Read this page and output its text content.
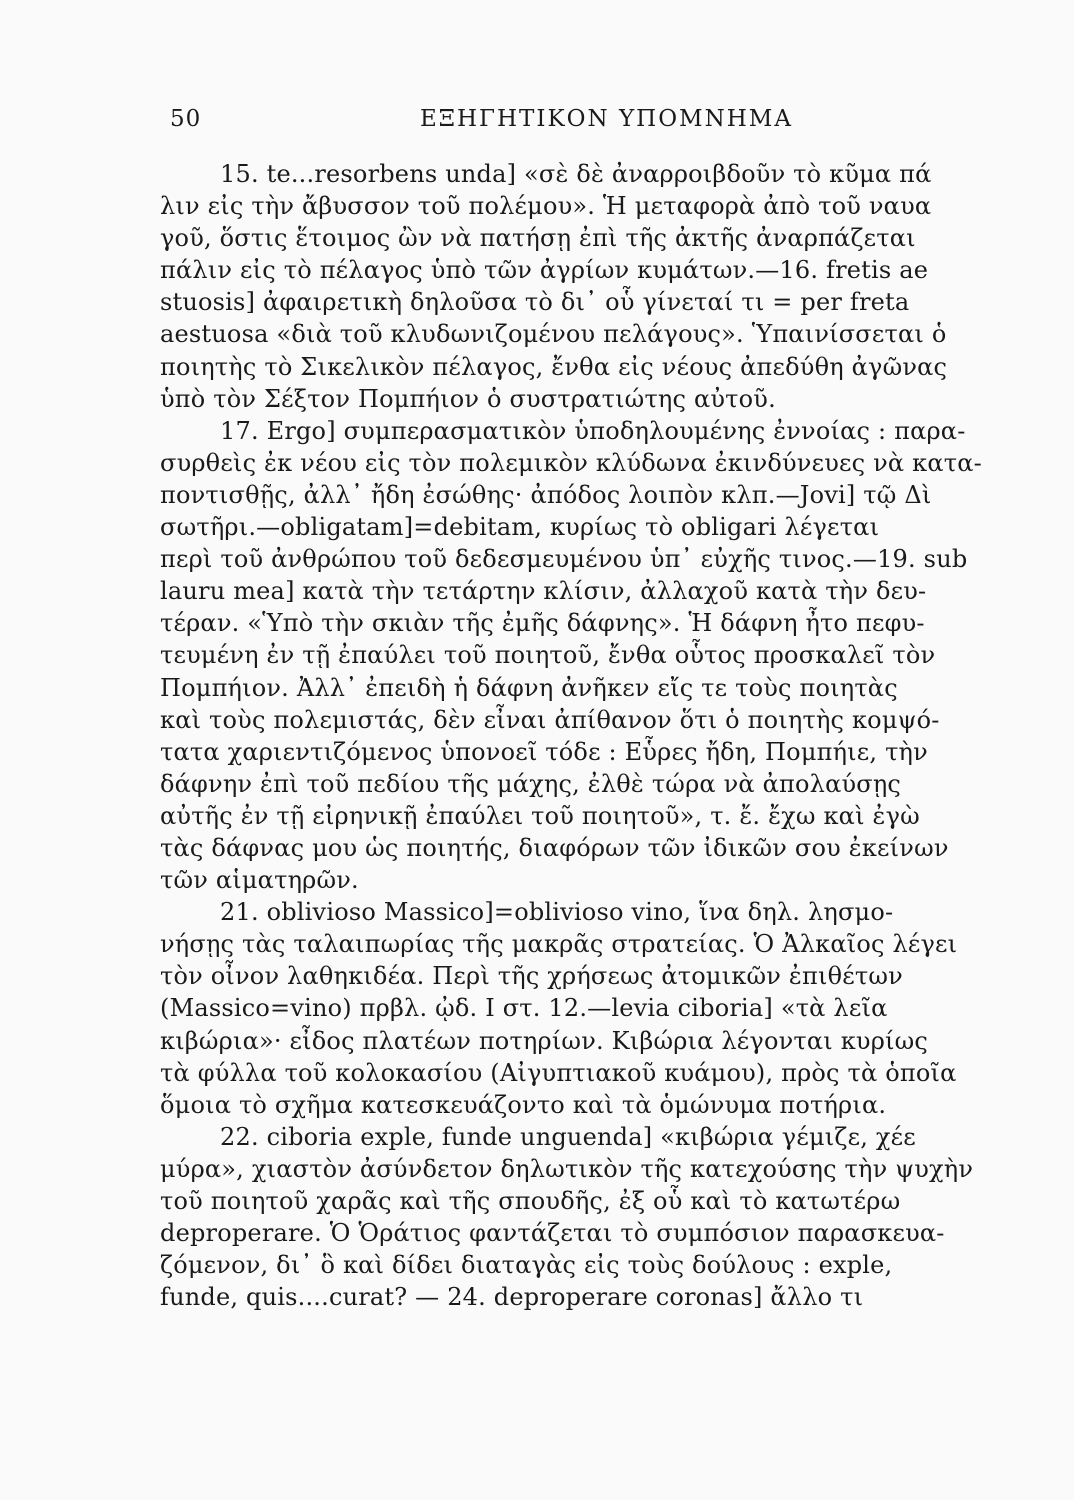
50	ΕΞΗΓΗΤΙΚΟΝ ΥΠΟΜΝΗΜΑ
15. te...resorbens unda] «σὲ δὲ ἀναρροιβδοῦν τὸ κῦμα πά
λιν εἰς τὴν ἄβυσσον τοῦ πολέμου». Ἡ μεταφορὰ ἀπὸ τοῦ ναυα
γοῦ, ὅστις ἕτοιμος ὢν νὰ πατήσῃ ἐπὶ τῆς ἀκτῆς ἀναρπάζεται
πάλιν εἰς τὸ πέλαγος ὑπὸ τῶν ἀγρίων κυμάτων.—16. fretis ae
stuosis] ἀφαιρετικὴ δηλοῦσα τὸ δι᾿ οὗ γίνεταί τι = per freta
aestuosa «διὰ τοῦ κλυδωνιζομένου πελάγους». Ὑπαινίσσεται ὁ
ποιητὴς τὸ Σικελικὸν πέλαγος, ἔνθα εἰς νέους ἀπεδύθη ἀγῶνας
ὑπὸ τὸν Σέξτον Πομπήιον ὁ συστρατιώτης αὐτοῦ.
17. Ergo] συμπερασματικὸν ὑποδηλουμένης ἐννοίας : παρα-
συρθεὶς ἐκ νέου εἰς τὸν πολεμικὸν κλύδωνα ἐκινδύνευες νὰ κατα-
ποντισθῇς, ἀλλ᾿ ἤδη ἐσώθης· ἀπόδος λοιπὸν κλπ.—Jovi] τῷ Δὶ
σωτῆρι.—obligatam]=debitam, κυρίως τὸ obligari λέγεται
περὶ τοῦ ἀνθρώπου τοῦ δεδεσμευμένου ὑπ᾿ εὐχῆς τινος.—19. sub
lauru mea] κατὰ τὴν τετάρτην κλίσιν, ἀλλαχοῦ κατὰ τὴν δευ-
τέραν. «Ὑπὸ τὴν σκιὰν τῆς ἐμῆς δάφνης». Ἡ δάφνη ἦτο πεφυ-
τευμένη ἐν τῇ ἐπαύλει τοῦ ποιητοῦ, ἔνθα οὗτος προσκαλεῖ τὸν
Πομπήιον. Ἀλλ᾿ ἐπειδὴ ἡ δάφνη ἀνῆκεν εἴς τε τοὺς ποιητὰς
καὶ τοὺς πολεμιστάς, δὲν εἶναι ἀπίθανον ὅτι ὁ ποιητὴς κομψό-
τατα χαριεντιζόμενος ὑπονοεῖ τόδε : Εὗρες ἤδη, Πομπήιε, τὴν
δάφνην ἐπὶ τοῦ πεδίου τῆς μάχης, ἐλθὲ τώρα νὰ ἀπολαύσῃς
αὐτῆς ἐν τῇ εἰρηνικῇ ἐπαύλει τοῦ ποιητοῦ», τ. ἔ. ἔχω καὶ ἐγὼ
τὰς δάφνας μου ὡς ποιητής, διαφόρων τῶν ἰδικῶν σου ἐκείνων
τῶν αἱματηρῶν.
21. oblivioso Massico]=oblivioso vino, ἵνα δηλ. λησμο-
νήσῃς τὰς ταλαιπωρίας τῆς μακρᾶς στρατείας. Ὁ Ἀλκαῖος λέγει
τὸν οἶνον λαθηκιδέα. Περὶ τῆς χρήσεως ἀτομικῶν ἐπιθέτων
(Massico=vino) πρβλ. ᾠδ. I στ. 12.—levia ciboria] «τὰ λεῖα
κιβώρια»· εἶδος πλατέων ποτηρίων. Κιβώρια λέγονται κυρίως
τὰ φύλλα τοῦ κολοκασίου (Αἰγυπτιακοῦ κυάμου), πρὸς τὰ ὁποῖα
ὅμοια τὸ σχῆμα κατεσκευάζοντο καὶ τὰ ὁμώνυμα ποτήρια.
22. ciboria exple, funde unguenda] «κιβώρια γέμιζε, χέε
μύρα», χιαστὸν ἀσύνδετον δηλωτικὸν τῆς κατεχούσης τὴν ψυχὴν
τοῦ ποιητοῦ χαρᾶς καὶ τῆς σπουδῆς, ἐξ οὗ καὶ τὸ κατωτέρω
deproperare. Ὁ Ὁράτιος φαντάζεται τὸ συμπόσιον παρασκευα-
ζόμενον, δι᾿ ὃ καὶ δίδει διαταγὰς εἰς τοὺς δούλους : exple,
funde, quis....curat? — 24. deproperare coronas] ἄλλο τι
